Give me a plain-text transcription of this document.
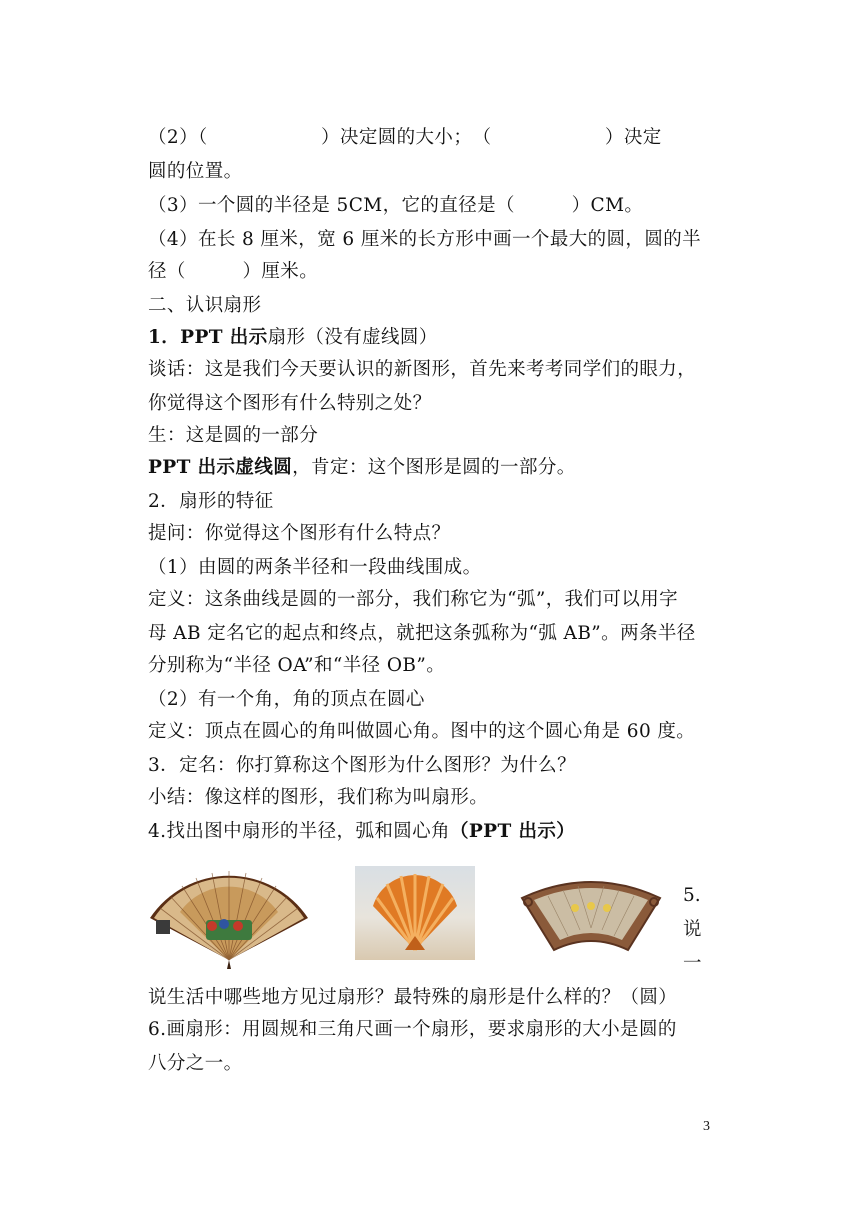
（2）（　　　　　　）决定圆的大小；　（　　　　　　）决定
圆的位置。
（3）一个圆的半径是 5CM，它的直径是（　　　）CM。
（4）在长 8 厘米，宽 6 厘米的长方形中画一个最大的圆，圆的半
径（　　　）厘米。
二、认识扇形
1．PPT 出示扇形（没有虚线圆）
谈话：这是我们今天要认识的新图形，首先来考考同学们的眼力，
你觉得这个图形有什么特别之处？
生：这是圆的一部分
PPT 出示虚线圆，肯定：这个图形是圆的一部分。
2．扇形的特征
提问：你觉得这个图形有什么特点？
（1）由圆的两条半径和一段曲线围成。
定义：这条曲线是圆的一部分，我们称它为“弧”，我们可以用字
母 AB 定名它的起点和终点，就把这条弧称为“弧 AB”。两条半径
分别称为“半径 OA”和“半径 OB”。
（2）有一个角，角的顶点在圆心
定义：顶点在圆心的角叫做圆心角。图中的这个圆心角是 60 度。
3．定名：你打算称这个图形为什么图形？为什么？
小结：像这样的图形，我们称为叫扇形。
4.找出图中扇形的半径，弧和圆心角（PPT 出示）
5.
说
一
说生活中哪些地方见过扇形？最特殊的扇形是什么样的？（圆）
6.画扇形：用圆规和三角尺画一个扇形，要求扇形的大小是圆的
八分之一。
3
